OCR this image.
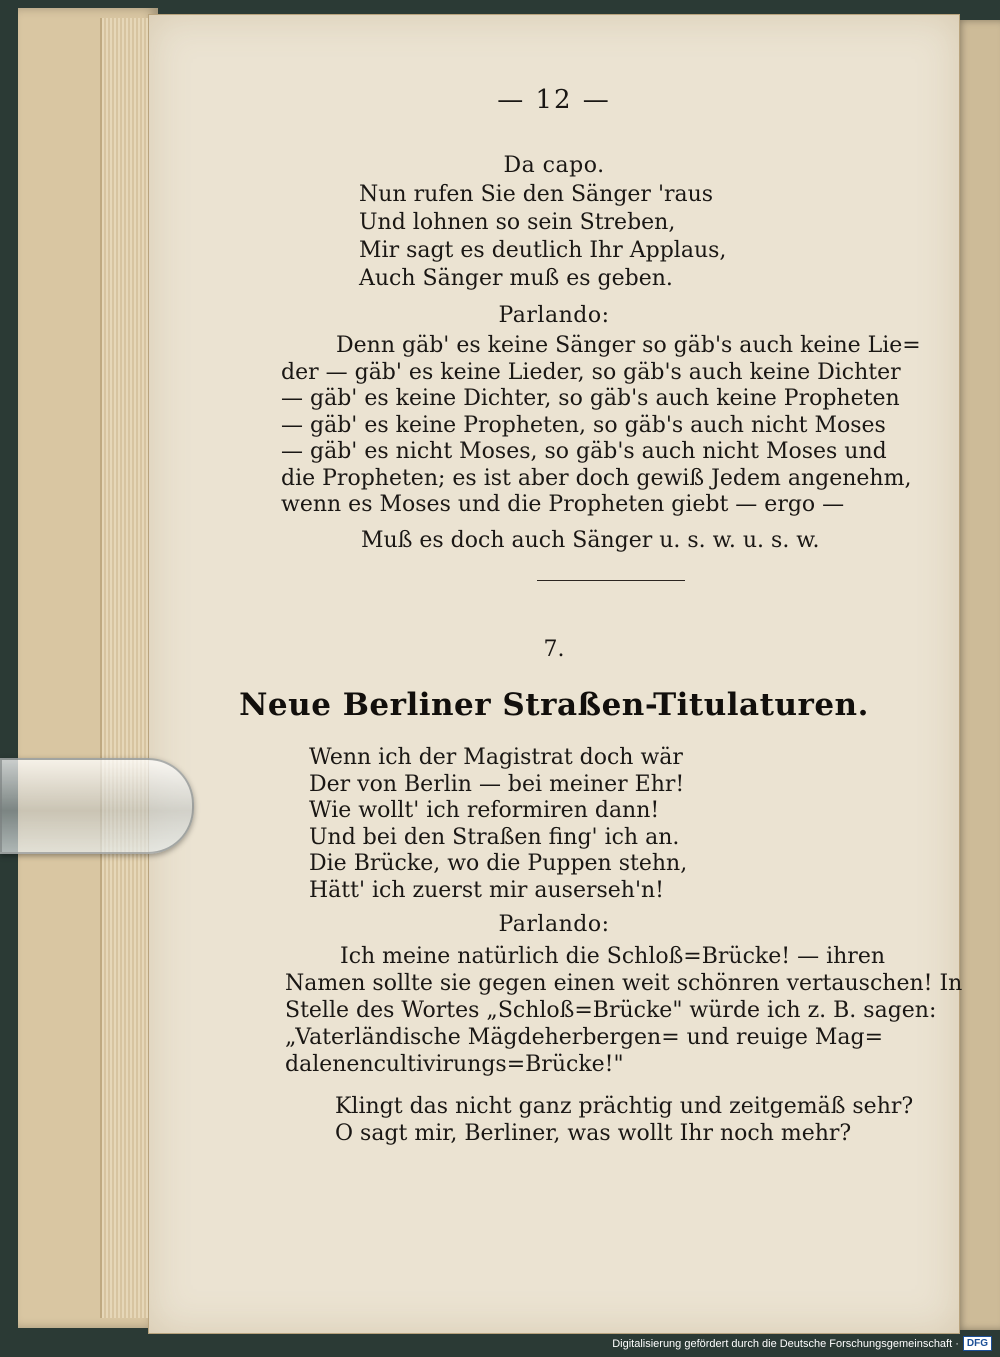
— 12 —
Da capo.
Nun rufen Sie den Sänger 'raus
Und lohnen so sein Streben,
Mir sagt es deutlich Ihr Applaus,
Auch Sänger muß es geben.
Parlando:
Denn gäb' es keine Sänger so gäb's auch keine Lie=
der — gäb' es keine Lieder, so gäb's auch keine Dichter
— gäb' es keine Dichter, so gäb's auch keine Propheten
— gäb' es keine Propheten, so gäb's auch nicht Moses
— gäb' es nicht Moses, so gäb's auch nicht Moses und
die Propheten; es ist aber doch gewiß Jedem angenehm,
wenn es Moses und die Propheten giebt — ergo —
Muß es doch auch Sänger u. s. w. u. s. w.
7.
Neue Berliner Straßen-Titulaturen.
Wenn ich der Magistrat doch wär
Der von Berlin — bei meiner Ehr!
Wie wollt' ich reformiren dann!
Und bei den Straßen fing' ich an.
Die Brücke, wo die Puppen stehn,
Hätt' ich zuerst mir auserseh'n!
Parlando:
Ich meine natürlich die Schloß=Brücke! — ihren
Namen sollte sie gegen einen weit schönren vertauschen! In
Stelle des Wortes „Schloß=Brücke" würde ich z. B. sagen:
„Vaterländische Mägdeherbergen= und reuige Mag=
dalenencultivirungs=Brücke!"
Klingt das nicht ganz prächtig und zeitgemäß sehr?
O sagt mir, Berliner, was wollt Ihr noch mehr?
Digitalisierung gefördert durch die Deutsche Forschungsgemeinschaft · DFG
